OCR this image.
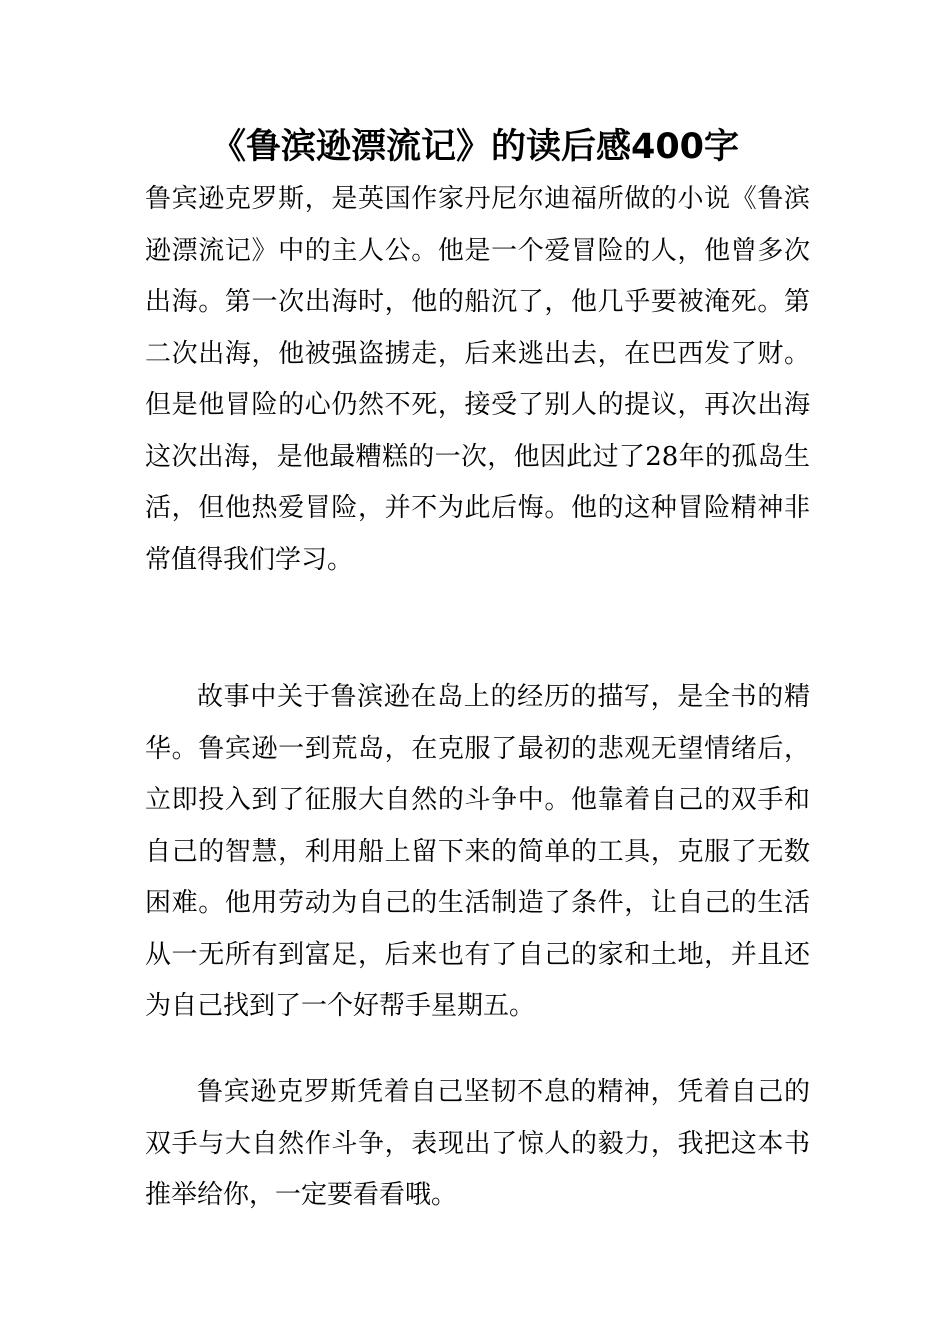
《鲁滨逊漂流记》的读后感400字

鲁宾逊克罗斯，是英国作家丹尼尔迪福所做的小说《鲁滨逊漂流记》中的主人公。他是一个爱冒险的人，他曾多次出海。第一次出海时，他的船沉了，他几乎要被淹死。第二次出海，他被强盗掳走，后来逃出去，在巴西发了财。但是他冒险的心仍然不死，接受了别人的提议，再次出海这次出海，是他最糟糕的一次，他因此过了28年的孤岛生活，但他热爱冒险，并不为此后悔。他的这种冒险精神非常值得我们学习。

故事中关于鲁滨逊在岛上的经历的描写，是全书的精华。鲁宾逊一到荒岛，在克服了最初的悲观无望情绪后，立即投入到了征服大自然的斗争中。他靠着自己的双手和自己的智慧，利用船上留下来的简单的工具，克服了无数困难。他用劳动为自己的生活制造了条件，让自己的生活从一无所有到富足，后来也有了自己的家和土地，并且还为自己找到了一个好帮手星期五。

鲁宾逊克罗斯凭着自己坚韧不息的精神，凭着自己的双手与大自然作斗争，表现出了惊人的毅力，我把这本书推举给你，一定要看看哦。
